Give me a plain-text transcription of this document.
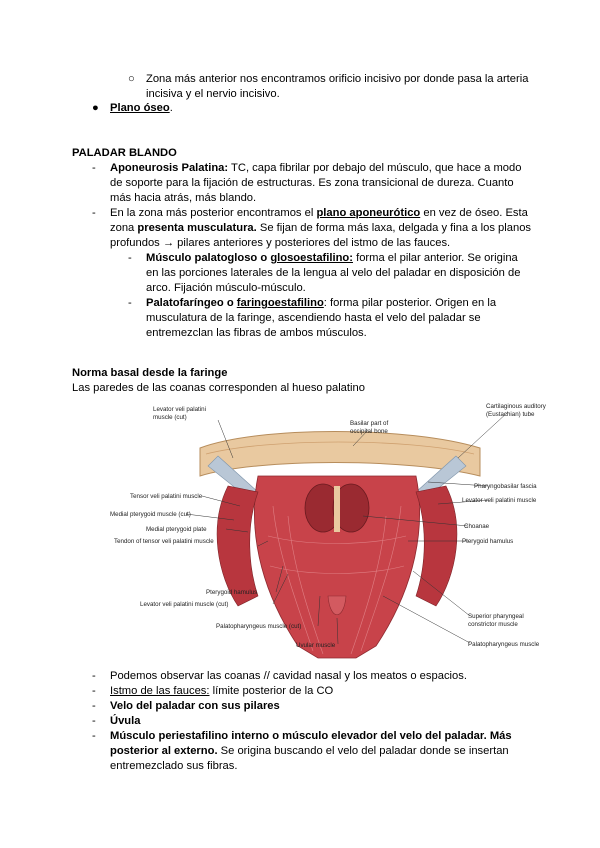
○ Zona más anterior nos encontramos orificio incisivo por donde pasa la arteria
incisiva y el nervio incisivo.
● Plano óseo.
PALADAR BLANDO
-	Aponeurosis Palatina: TC, capa fibrilar por debajo del músculo, que hace a modo
de soporte para la fijación de estructuras. Es zona transicional de dureza. Cuanto
más hacia atrás, más blando.
-	En la zona más posterior encontramos el plano aponeurótico en vez de óseo. Esta
zona presenta musculatura. Se fijan de forma más laxa, delgada y fina a los planos
profundos → pilares anteriores y posteriores del istmo de las fauces.
-	Músculo palatogloso o glosoestafilino: forma el pilar anterior. Se origina
en las porciones laterales de la lengua al velo del paladar en disposición de
arco. Fijación músculo-músculo.
-	Palatofaríngeo o faringoestafilino: forma pilar posterior. Origen en la
musculatura de la faringe, ascendiendo hasta el velo del paladar se
entremezclan las fibras de ambos músculos.
Norma basal desde la faringe
Las paredes de las coanas corresponden al hueso palatino
Levator veli palatini
muscle (cut)
Basilar part of
occipital bone
Cartilaginous auditory
(Eustachian) tube
Pharyngobasilar fascia
Levator veli palatini muscle
Tensor veli palatini muscle
Medial pterygoid muscle (cut)
Medial pterygoid plate
Tendon of tensor veli palatini muscle
Choanae
Pterygoid hamulus
Pterygoid hamulus
Levator veli palatini muscle (cut)
Palatopharyngeus muscle (cut)
Uvular muscle
Superior pharyngeal
constrictor muscle
Palatopharyngeus muscle
-	Podemos observar las coanas // cavidad nasal y los meatos o espacios.
-	Istmo de las fauces: límite posterior de la CO
-	Velo del paladar con sus pilares
-	Úvula
-	Músculo periestafilino interno o músculo elevador del velo del paladar. Más
posterior al externo. Se origina buscando el velo del paladar donde se insertan
entremezclado sus fibras.
